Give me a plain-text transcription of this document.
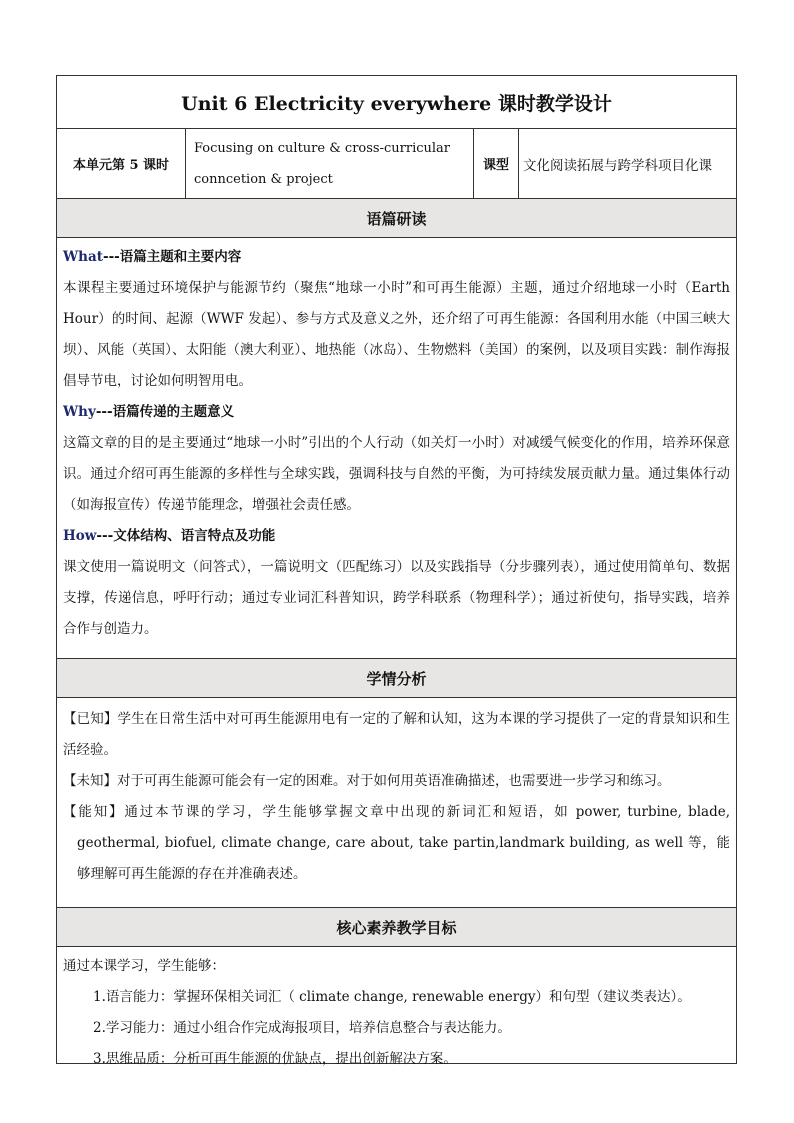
Unit 6 Electricity everywhere 课时教学设计
本单元第 5 课时
Focusing on culture & cross-curricular
conncetion & project
课型	文化阅读拓展与跨学科项目化课
语篇研读

What---语篇主题和主要内容

本课程主要通过环境保护与能源节约（聚焦“地球一小时”和可再生能源）主题，通过介绍地球一小时（Earth Hour）的时间、起源（WWF 发起）、参与方式及意义之外，还介绍了可再生能源：各国利用水能（中国三峡大坝）、风能（英国）、太阳能（澳大利亚）、地热能（冰岛）、生物燃料（美国）的案例，以及项目实践：制作海报倡导节电，讨论如何明智用电。

Why---语篇传递的主题意义

这篇文章的目的是主要通过“地球一小时”引出的个人行动（如关灯一小时）对减缓气候变化的作用，培养环保意识。通过介绍可再生能源的多样性与全球实践，强调科技与自然的平衡，为可持续发展贡献力量。通过集体行动（如海报宣传）传递节能理念，增强社会责任感。

How---文体结构、语言特点及功能

课文使用一篇说明文（问答式），一篇说明文（匹配练习）以及实践指导（分步骤列表），通过使用简单句、数据支撑，传递信息，呼吁行动；通过专业词汇科普知识，跨学科联系（物理科学）；通过祈使句，指导实践，培养合作与创造力。

学情分析

【已知】学生在日常生活中对可再生能源用电有一定的了解和认知，这为本课的学习提供了一定的背景知识和生活经验。

【未知】对于可再生能源可能会有一定的困难。对于如何用英语准确描述，也需要进一步学习和练习。

【能知】通过本节课的学习，学生能够掌握文章中出现的新词汇和短语，如 power, turbine, blade, geothermal, biofuel, climate change, care about, take partin,landmark building, as well 等，能够理解可再生能源的存在并准确表述。

核心素养教学目标

通过本课学习，学生能够：

1.语言能力：掌握环保相关词汇（ climate change, renewable energy）和句型（建议类表达）。

2.学习能力：通过小组合作完成海报项目，培养信息整合与表达能力。

3.思维品质：分析可再生能源的优缺点，提出创新解决方案。
